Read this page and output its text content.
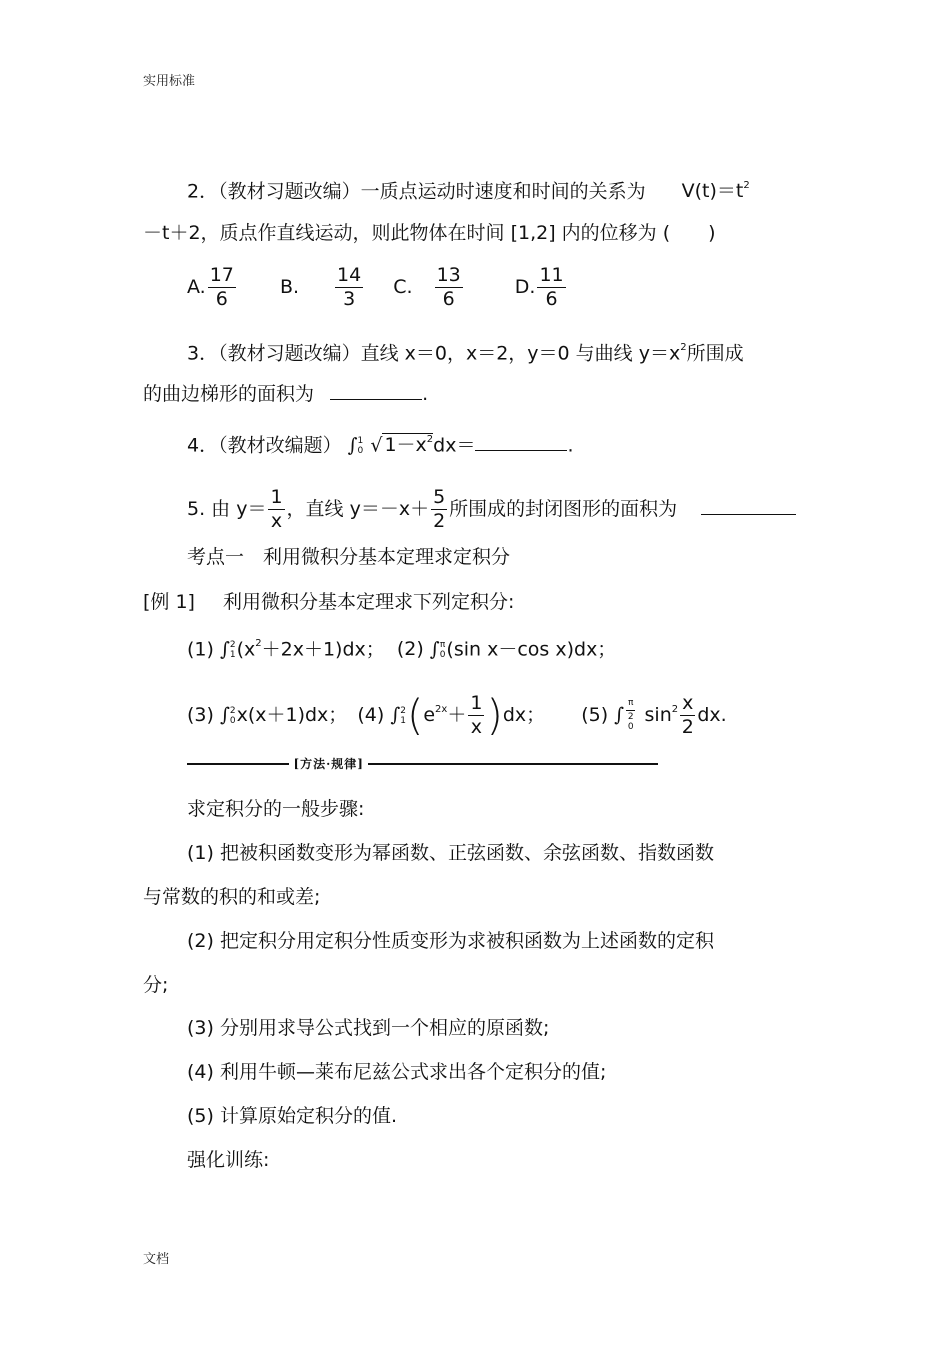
实用标准
2．（教材习题改编）一质点运动时速度和时间的关系为 $V(t)=t^2$
－t＋2，质点作直线运动，则此物体在时间 [1,2] 内的位移为 (　　)
A. $\frac{17}{6} B$. $\frac{14}{3} C$. $\frac{13}{6}$	D. $\frac{11}{6}$
3．（教材习题改编）直线 x＝0，x＝2，y＝0 与曲线 $y=x^2$所围成
的曲边梯形的面积为	.
4．（教材改编题） ∫1
0 √ $1-x^2dx=$	.
5. 由 $y= \frac{1}{x}$ ，直线 $y=-x+ \frac{5}{2}$ 所围成的封闭图形的面积为
考点一　利用微积分基本定理求定积分
[例 1] 利用微积分基本定理求下列定积分:
(1) ∫2
$1(x^2+2x+1)dx$； (2) ∫π
0(sin x－cos x)dx；
(3) ∫2
0x(x＋1)dx； (4) ∫2
$1(e^{2x}+ \frac{1}{x} )dx$； (5) ∫ $\frac{\pi}{2}$

0 $\sin^2 \frac{x}{2}$ dx.
[方法·规律]
求定积分的一般步骤:
(1) 把被积函数变形为幂函数、正弦函数、余弦函数、指数函数
与常数的积的和或差;
(2) 把定积分用定积分性质变形为求被积函数为上述函数的定积
分;
(3) 分别用求导公式找到一个相应的原函数;
(4) 利用牛顿—莱布尼兹公式求出各个定积分的值;
(5) 计算原始定积分的值.
强化训练:
文档
